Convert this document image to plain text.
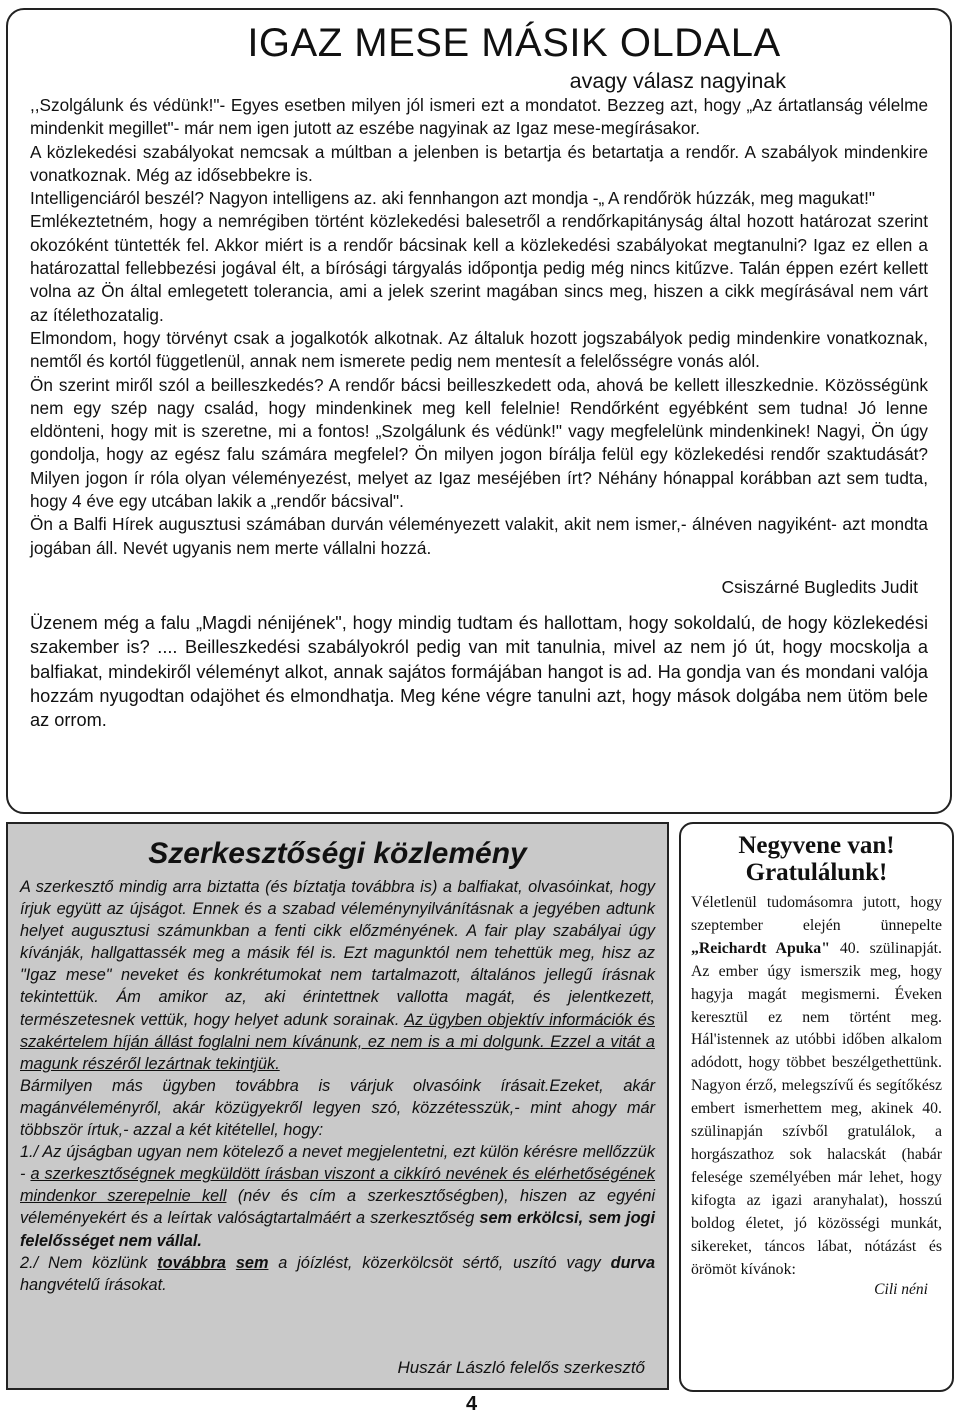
IGAZ MESE MÁSIK OLDALA
avagy válasz nagyinak

,,Szolgálunk és védünk!"- Egyes esetben milyen jól ismeri ezt a mondatot. Bezzeg azt, hogy „Az ártatlanság vélelme mindenkit megillet"- már nem igen jutott az eszébe nagyinak az Igaz mese-megírásakor.

A közlekedési szabályokat nemcsak a múltban a jelenben is betartja és betartatja a rendőr. A szabályok mindenkire vonatkoznak. Még az idősebbekre is.

Intelligenciáról beszél? Nagyon intelligens az. aki fennhangon azt mondja -„ A rendőrök húzzák, meg magukat!"

Emlékeztetném, hogy a nemrégiben történt közlekedési balesetről a rendőrkapitányság által hozott határozat szerint okozóként tüntették fel. Akkor miért is a rendőr bácsinak kell a közlekedési szabályokat megtanulni? Igaz ez ellen a határozattal fellebbezési jogával élt, a bírósági tárgyalás időpontja pedig még nincs kitűzve. Talán éppen ezért kellett volna az Ön által emlegetett tolerancia, ami a jelek szerint magában sincs meg, hiszen a cikk megírásával nem várt az ítélethozatalig.

Elmondom, hogy törvényt csak a jogalkotók alkotnak. Az általuk hozott jogszabályok pedig mindenkire vonatkoznak, nemtől és kortól függetlenül, annak nem ismerete pedig nem mentesít a felelősségre vonás alól.

Ön szerint miről szól a beilleszkedés? A rendőr bácsi beilleszkedett oda, ahová be kellett illeszkednie. Közösségünk nem egy szép nagy család, hogy mindenkinek meg kell felelnie! Rendőrként egyébként sem tudna! Jó lenne eldönteni, hogy mit is szeretne, mi a fontos! „Szolgálunk és védünk!" vagy megfelelünk mindenkinek! Nagyi, Ön úgy gondolja, hogy az egész falu számára megfelel? Ön milyen jogon bírálja felül egy közlekedési rendőr szaktudását? Milyen jogon ír róla olyan véleményezést, melyet az Igaz meséjében írt? Néhány hónappal korábban azt sem tudta, hogy 4 éve egy utcában lakik a „rendőr bácsival".

Ön a Balfi Hírek augusztusi számában durván véleményezett valakit, akit nem ismer,- álnéven nagyiként- azt mondta jogában áll. Nevét ugyanis nem merte vállalni hozzá.

Csiszárné Bugledits Judit

Üzenem még a falu „Magdi nénijének", hogy mindig tudtam és hallottam, hogy sokoldalú, de hogy közlekedési szakember is? .... Beilleszkedési szabályokról pedig van mit tanulnia, mivel az nem jó út, hogy mocskolja a balfiakat, mindekiről véleményt alkot, annak sajátos formájában hangot is ad. Ha gondja van és mondani valója hozzám nyugodtan odajöhet és elmondhatja. Meg kéne végre tanulni azt, hogy mások dolgába nem ütöm bele az orrom.

Szerkesztőségi közlemény

A szerkesztő mindig arra biztatta (és bíztatja továbbra is) a balfiakat, olvasóinkat, hogy írjuk együtt az újságot. Ennek és a szabad véleménynyilvánításnak a jegyében adtunk helyet augusztusi számunkban a fenti cikk előzményének. A fair play szabályai úgy kívánják, hallgattassék meg a másik fél is. Ezt magunktól nem tehettük meg, hisz az "Igaz mese" neveket és konkrétumokat nem tartalmazott, általános jellegű írásnak tekintettük. Ám amikor az, aki érintettnek vallotta magát, és jelentkezett, természetesnek vettük, hogy helyet adunk sorainak. Az ügyben objektív információk és szakértelem híján állást foglalni nem kívánunk, ez nem is a mi dolgunk. Ezzel a vitát a magunk részéről lezártnak tekintjük.

Bármilyen más ügyben továbbra is várjuk olvasóink írásait.Ezeket, akár magánvéleményről, akár közügyekről legyen szó, közzétesszük,- mint ahogy már többször írtuk,- azzal a két kitétellel, hogy:

1./ Az újságban ugyan nem kötelező a nevet megjelentetni, ezt külön kérésre mellőzzük - a szerkesztőségnek megküldött írásban viszont a cikkíró nevének és elérhetőségének mindenkor szerepelnie kell (név és cím a szerkesztőségben), hiszen az egyéni véleményekért és a leírtak valóságtartalmáért a szerkesztőség sem erkölcsi, sem jogi felelősséget nem vállal.

2./ Nem közlünk továbbra sem a jóízlést, közerkölcsöt sértő, uszító vagy durva hangvételű írásokat.

Huszár László felelős szerkesztő
Negyvene van!
Gratulálunk!

Véletlenül tudomásomra jutott, hogy szeptember elején ünnepelte „Reichardt Apuka" 40. szülinapját. Az ember úgy ismerszik meg, hogy hagyja magát megismerni. Éveken keresztül ez nem történt meg. Hál'istennek az utóbbi időben alkalom adódott, hogy többet beszélgethettünk. Nagyon érző, melegszívű és segítőkész embert ismerhettem meg, akinek 40. szülinapján szívből gratulálok, a horgászathoz sok halacskát (habár felesége személyében már lehet, hogy kifogta az igazi aranyhalat), hosszú boldog életet, jó közösségi munkát, sikereket, táncos lábat, nótázást és örömöt kívánok:

Cili néni
4
